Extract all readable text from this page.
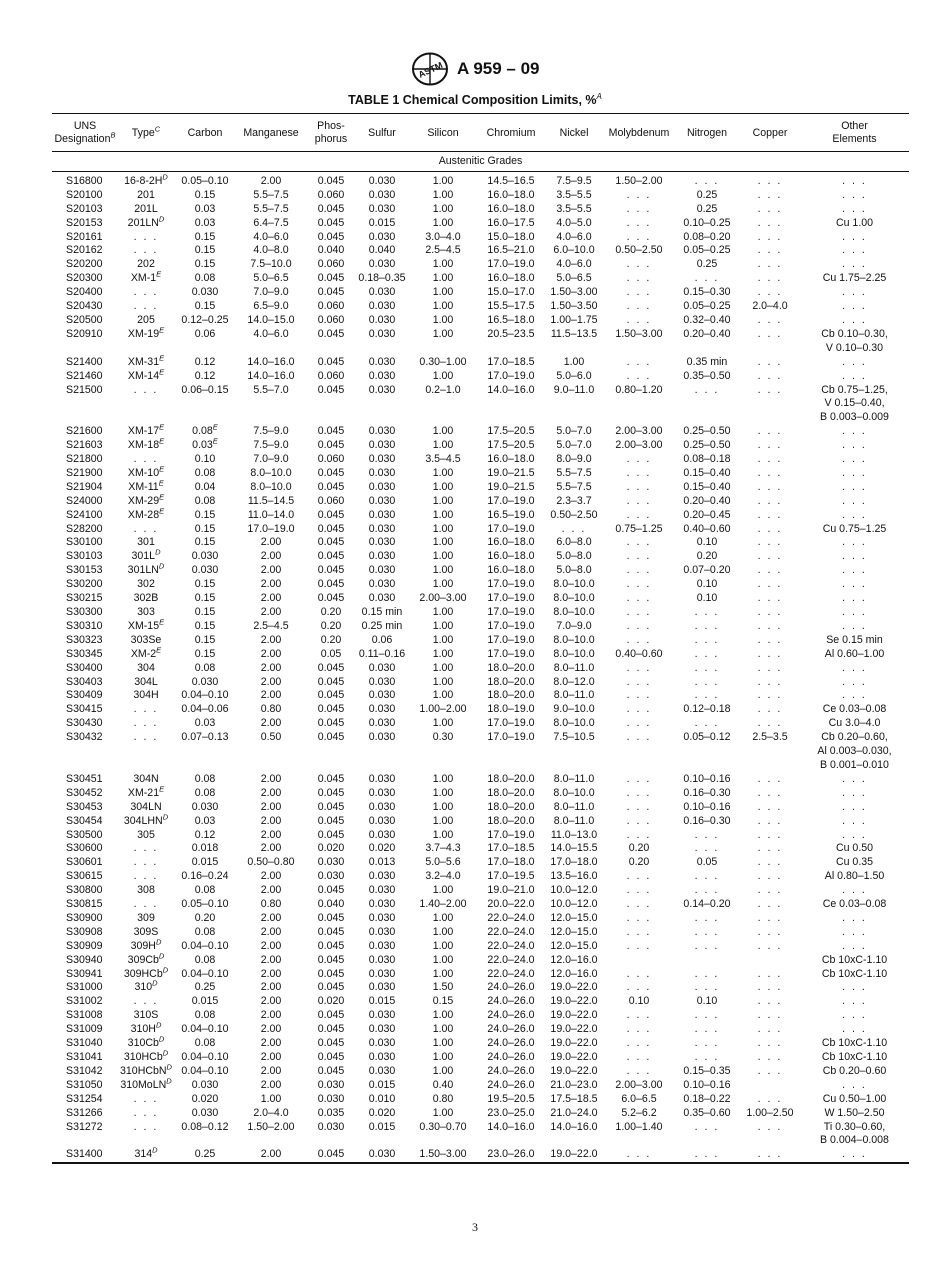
ASTM A 959 – 09
TABLE 1 Chemical Composition Limits, %$^A$
UNS
Designation$^B$	Type$^C$	Carbon	Manganese	Phos-
phorus	Sulfur	Silicon	Chromium	Nickel	Molybdenum	Nitrogen	Copper	Other
Elements
Austenitic Grades												
S16800	16-8-2H$^D$	0.05–0.10	2.00	0.045	0.030	1.00	14.5–16.5	7.5–9.5	1.50–2.00	. . .	. . .	. . .
S20100	201	0.15	5.5–7.5	0.060	0.030	1.00	16.0–18.0	3.5–5.5	. . .	0.25	. . .	. . .
S20103	201L	0.03	5.5–7.5	0.045	0.030	1.00	16.0–18.0	3.5–5.5	. . .	0.25	. . .	. . .
S20153	201LN$^D$	0.03	6.4–7.5	0.045	0.015	1.00	16.0–17.5	4.0–5.0	. . .	0.10–0.25	. . .	Cu 1.00
S20161	. . .	0.15	4.0–6.0	0.045	0.030	3.0–4.0	15.0–18.0	4.0–6.0	. . .	0.08–0.20	. . .	. . .
S20162	. . .	0.15	4.0–8.0	0.040	0.040	2.5–4.5	16.5–21.0	6.0–10.0	0.50–2.50	0.05–0.25	. . .	. . .
S20200	202	0.15	7.5–10.0	0.060	0.030	1.00	17.0–19.0	4.0–6.0	. . .	0.25	. . .	. . .
S20300	XM-1$^E$	0.08	5.0–6.5	0.045	0.18–0.35	1.00	16.0–18.0	5.0–6.5	. . .	. . .	. . .	Cu 1.75–2.25
S20400	. . .	0.030	7.0–9.0	0.045	0.030	1.00	15.0–17.0	1.50–3.00	. . .	0.15–0.30	. . .	. . .
S20430	. . .	0.15	6.5–9.0	0.060	0.030	1.00	15.5–17.5	1.50–3.50	. . .	0.05–0.25	2.0–4.0	. . .
S20500	205	0.12–0.25	14.0–15.0	0.060	0.030	1.00	16.5–18.0	1.00–1.75	. . .	0.32–0.40	. . .	. . .
S20910	XM-19$^E$	0.06	4.0–6.0	0.045	0.030	1.00	20.5–23.5	11.5–13.5	1.50–3.00	0.20–0.40	. . .	Cb 0.10–0.30,
V 0.10–0.30
S21400	XM-31$^E$	0.12	14.0–16.0	0.045	0.030	0.30–1.00	17.0–18.5	1.00	. . .	0.35 min	. . .	. . .
S21460	XM-14$^E$	0.12	14.0–16.0	0.060	0.030	1.00	17.0–19.0	5.0–6.0	. . .	0.35–0.50	. . .	. . .
S21500	. . .	0.06–0.15	5.5–7.0	0.045	0.030	0.2–1.0	14.0–16.0	9.0–11.0	0.80–1.20	. . .	. . .	Cb 0.75–1.25,
V 0.15–0.40,
B 0.003–0.009
S21600	XM-17$^E$	0.08$^E$	7.5–9.0	0.045	0.030	1.00	17.5–20.5	5.0–7.0	2.00–3.00	0.25–0.50	. . .	. . .
S21603	XM-18$^E$	0.03$^E$	7.5–9.0	0.045	0.030	1.00	17.5–20.5	5.0–7.0	2.00–3.00	0.25–0.50	. . .	. . .
S21800	. . .	0.10	7.0–9.0	0.060	0.030	3.5–4.5	16.0–18.0	8.0–9.0	. . .	0.08–0.18	. . .	. . .
S21900	XM-10$^E$	0.08	8.0–10.0	0.045	0.030	1.00	19.0–21.5	5.5–7.5	. . .	0.15–0.40	. . .	. . .
S21904	XM-11$^E$	0.04	8.0–10.0	0.045	0.030	1.00	19.0–21.5	5.5–7.5	. . .	0.15–0.40	. . .	. . .
S24000	XM-29$^E$	0.08	11.5–14.5	0.060	0.030	1.00	17.0–19.0	2.3–3.7	. . .	0.20–0.40	. . .	. . .
S24100	XM-28$^E$	0.15	11.0–14.0	0.045	0.030	1.00	16.5–19.0	0.50–2.50	. . .	0.20–0.45	. . .	. . .
S28200	. . .	0.15	17.0–19.0	0.045	0.030	1.00	17.0–19.0	. . .	0.75–1.25	0.40–0.60	. . .	Cu 0.75–1.25
S30100	301	0.15	2.00	0.045	0.030	1.00	16.0–18.0	6.0–8.0	. . .	0.10	. . .	. . .
S30103	301L$^D$	0.030	2.00	0.045	0.030	1.00	16.0–18.0	5.0–8.0	. . .	0.20	. . .	. . .
S30153	301LN$^D$	0.030	2.00	0.045	0.030	1.00	16.0–18.0	5.0–8.0	. . .	0.07–0.20	. . .	. . .
S30200	302	0.15	2.00	0.045	0.030	1.00	17.0–19.0	8.0–10.0	. . .	0.10	. . .	. . .
S30215	302B	0.15	2.00	0.045	0.030	2.00–3.00	17.0–19.0	8.0–10.0	. . .	0.10	. . .	. . .
S30300	303	0.15	2.00	0.20	0.15 min	1.00	17.0–19.0	8.0–10.0	. . .	. . .	. . .	. . .
S30310	XM-15$^E$	0.15	2.5–4.5	0.20	0.25 min	1.00	17.0–19.0	7.0–9.0	. . .	. . .	. . .	. . .
S30323	303Se	0.15	2.00	0.20	0.06	1.00	17.0–19.0	8.0–10.0	. . .	. . .	. . .	Se 0.15 min
S30345	XM-2$^E$	0.15	2.00	0.05	0.11–0.16	1.00	17.0–19.0	8.0–10.0	0.40–0.60	. . .	. . .	Al 0.60–1.00
S30400	304	0.08	2.00	0.045	0.030	1.00	18.0–20.0	8.0–11.0	. . .	. . .	. . .	. . .
S30403	304L	0.030	2.00	0.045	0.030	1.00	18.0–20.0	8.0–12.0	. . .	. . .	. . .	. . .
S30409	304H	0.04–0.10	2.00	0.045	0.030	1.00	18.0–20.0	8.0–11.0	. . .	. . .	. . .	. . .
S30415	. . .	0.04–0.06	0.80	0.045	0.030	1.00–2.00	18.0–19.0	9.0–10.0	. . .	0.12–0.18	. . .	Ce 0.03–0.08
S30430	. . .	0.03	2.00	0.045	0.030	1.00	17.0–19.0	8.0–10.0	. . .	. . .	. . .	Cu 3.0–4.0
S30432	. . .	0.07–0.13	0.50	0.045	0.030	0.30	17.0–19.0	7.5–10.5	. . .	0.05–0.12	2.5–3.5	Cb 0.20–0.60,
Al 0.003–0.030,
B 0.001–0.010
S30451	304N	0.08	2.00	0.045	0.030	1.00	18.0–20.0	8.0–11.0	. . .	0.10–0.16	. . .	. . .
S30452	XM-21$^E$	0.08	2.00	0.045	0.030	1.00	18.0–20.0	8.0–10.0	. . .	0.16–0.30	. . .	. . .
S30453	304LN	0.030	2.00	0.045	0.030	1.00	18.0–20.0	8.0–11.0	. . .	0.10–0.16	. . .	. . .
S30454	304LHN$^D$	0.03	2.00	0.045	0.030	1.00	18.0–20.0	8.0–11.0	. . .	0.16–0.30	. . .	. . .
S30500	305	0.12	2.00	0.045	0.030	1.00	17.0–19.0	11.0–13.0	. . .	. . .	. . .	. . .
S30600	. . .	0.018	2.00	0.020	0.020	3.7–4.3	17.0–18.5	14.0–15.5	0.20	. . .	. . .	Cu 0.50
S30601	. . .	0.015	0.50–0.80	0.030	0.013	5.0–5.6	17.0–18.0	17.0–18.0	0.20	0.05	. . .	Cu 0.35
S30615	. . .	0.16–0.24	2.00	0.030	0.030	3.2–4.0	17.0–19.5	13.5–16.0	. . .	. . .	. . .	Al 0.80–1.50
S30800	308	0.08	2.00	0.045	0.030	1.00	19.0–21.0	10.0–12.0	. . .	. . .	. . .	. . .
S30815	. . .	0.05–0.10	0.80	0.040	0.030	1.40–2.00	20.0–22.0	10.0–12.0	. . .	0.14–0.20	. . .	Ce 0.03–0.08
S30900	309	0.20	2.00	0.045	0.030	1.00	22.0–24.0	12.0–15.0	. . .	. . .	. . .	. . .
S30908	309S	0.08	2.00	0.045	0.030	1.00	22.0–24.0	12.0–15.0	. . .	. . .	. . .	. . .
S30909	309H$^D$	0.04–0.10	2.00	0.045	0.030	1.00	22.0–24.0	12.0–15.0	. . .	. . .	. . .	. . .
S30940	309Cb$^D$	0.08	2.00	0.045	0.030	1.00	22.0–24.0	12.0–16.0				Cb 10xC-1.10
S30941	309HCb$^D$	0.04–0.10	2.00	0.045	0.030	1.00	22.0–24.0	12.0–16.0	. . .	. . .	. . .	Cb 10xC-1.10
S31000	310$^D$	0.25	2.00	0.045	0.030	1.50	24.0–26.0	19.0–22.0	. . .	. . .	. . .	. . .
S31002	. . .	0.015	2.00	0.020	0.015	0.15	24.0–26.0	19.0–22.0	0.10	0.10	. . .	. . .
S31008	310S	0.08	2.00	0.045	0.030	1.00	24.0–26.0	19.0–22.0	. . .	. . .	. . .	. . .
S31009	310H$^D$	0.04–0.10	2.00	0.045	0.030	1.00	24.0–26.0	19.0–22.0	. . .	. . .	. . .	. . .
S31040	310Cb$^D$	0.08	2.00	0.045	0.030	1.00	24.0–26.0	19.0–22.0	. . .	. . .	. . .	Cb 10xC-1.10
S31041	310HCb$^D$	0.04–0.10	2.00	0.045	0.030	1.00	24.0–26.0	19.0–22.0	. . .	. . .	. . .	Cb 10xC-1.10
S31042	310HCbN$^D$	0.04–0.10	2.00	0.045	0.030	1.00	24.0–26.0	19.0–22.0	. . .	0.15–0.35	. . .	Cb 0.20–0.60
S31050	310MoLN$^D$	0.030	2.00	0.030	0.015	0.40	24.0–26.0	21.0–23.0	2.00–3.00	0.10–0.16		. . .
S31254	. . .	0.020	1.00	0.030	0.010	0.80	19.5–20.5	17.5–18.5	6.0–6.5	0.18–0.22	. . .	Cu 0.50–1.00
S31266	. . .	0.030	2.0–4.0	0.035	0.020	1.00	23.0–25.0	21.0–24.0	5.2–6.2	0.35–0.60	1.00–2.50	W 1.50–2.50
S31272	. . .	0.08–0.12	1.50–2.00	0.030	0.015	0.30–0.70	14.0–16.0	14.0–16.0	1.00–1.40	. . .	. . .	Ti 0.30–0.60,
B 0.004–0.008
S31400	314$^D$	0.25	2.00	0.045	0.030	1.50–3.00	23.0–26.0	19.0–22.0	. . .	. . .	. . .	. . .
3
